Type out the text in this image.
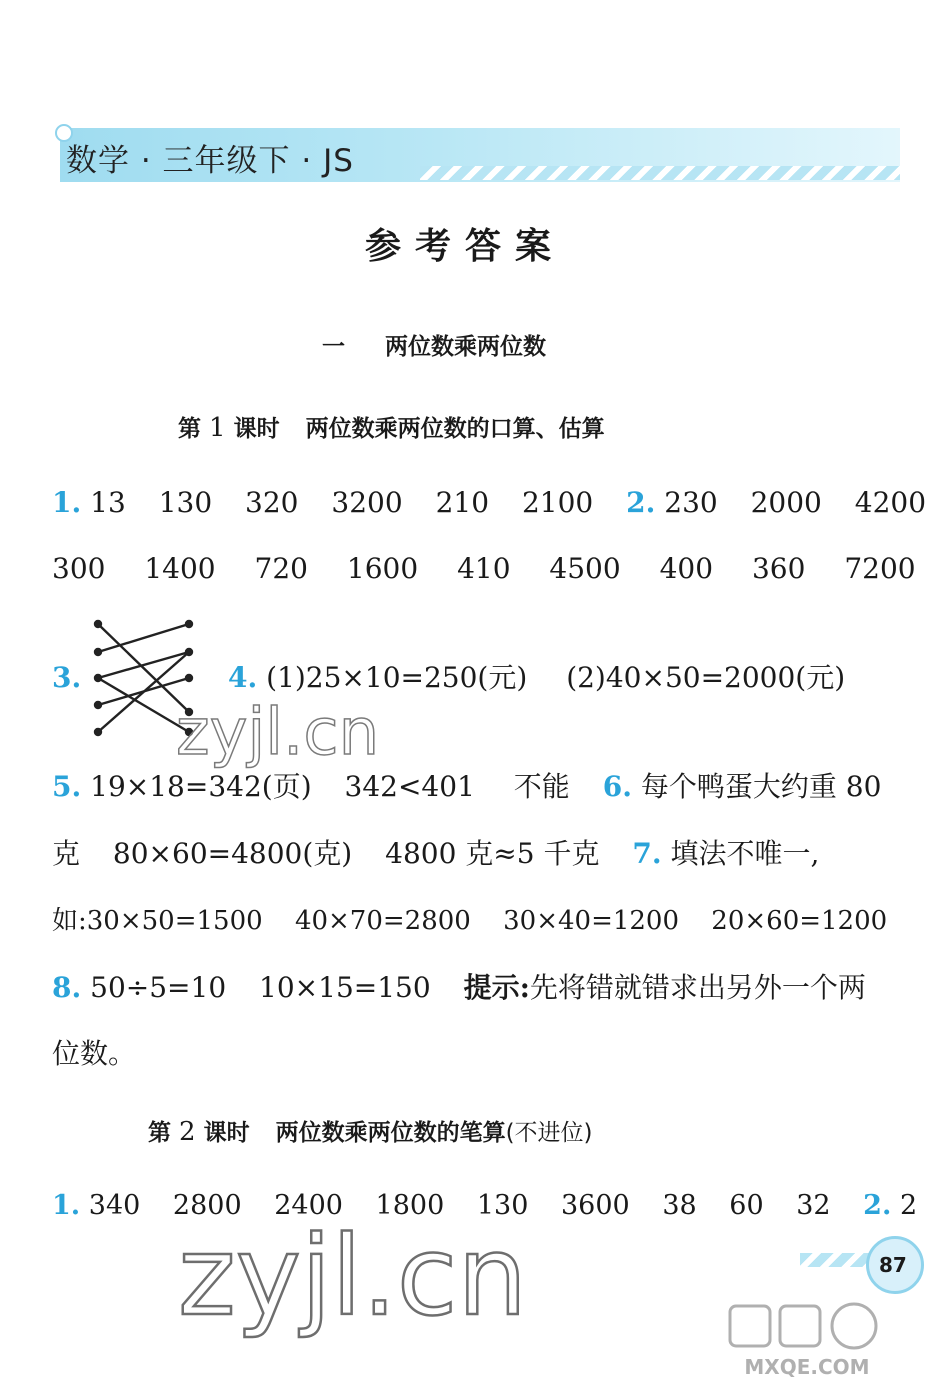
数学 · 三年级下 · JS
参考答案
一 两位数乘两位数
第 1 课时 两位数乘两位数的口算、估算
1. 13 130 320 3200 210 2100 2. 230 2000 4200
300 1400 720 1600 410 4500 400 360 7200
3.	4. (1)25×10=250(元) (2)40×50=2000(元)
5. 19×18=342(页) 342<401 不能 6. 每个鸭蛋大约重 80
克 80×60=4800(克) 4800 克≈5 千克 7. 填法不唯一,
如:30×50=1500 40×70=2800 30×40=1200 20×60=1200
8. 50÷5=10 10×15=150 提示:先将错就错求出另外一个两
位数。
第 2 课时 两位数乘两位数的笔算(不进位)
1. 340 2800 2400 1800 130 3600 38 60 32 2. 2
zyjl.cn
zyjl.cn	87
MXQE.COM
